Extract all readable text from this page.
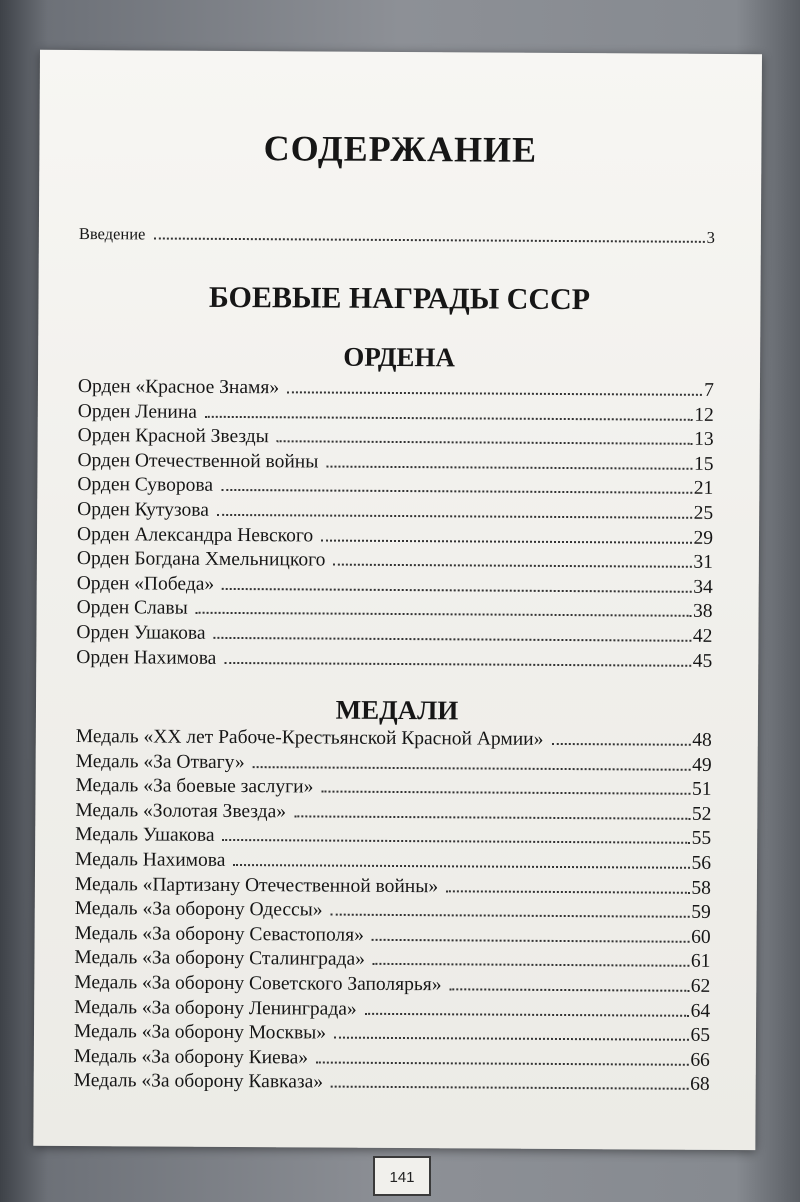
СОДЕРЖАНИЕ
Введение	3
БОЕВЫЕ НАГРАДЫ СССР
ОРДЕНА
Орден «Красное Знамя»	7
Орден Ленина	12
Орден Красной Звезды	13
Орден Отечественной войны	15
Орден Суворова	21
Орден Кутузова	25
Орден Александра Невского	29
Орден Богдана Хмельницкого	31
Орден «Победа»	34
Орден Славы	38
Орден Ушакова	42
Орден Нахимова	45
МЕДАЛИ
Медаль «XX лет Рабоче-Крестьянской Красной Армии»	48
Медаль «За Отвагу»	49
Медаль «За боевые заслуги»	51
Медаль «Золотая Звезда»	52
Медаль Ушакова	55
Медаль Нахимова	56
Медаль «Партизану Отечественной войны»	58
Медаль «За оборону Одессы»	59
Медаль «За оборону Севастополя»	60
Медаль «За оборону Сталинграда»	61
Медаль «За оборону Советского Заполярья»	62
Медаль «За оборону Ленинграда»	64
Медаль «За оборону Москвы»	65
Медаль «За оборону Киева»	66
Медаль «За оборону Кавказа»	68
141
